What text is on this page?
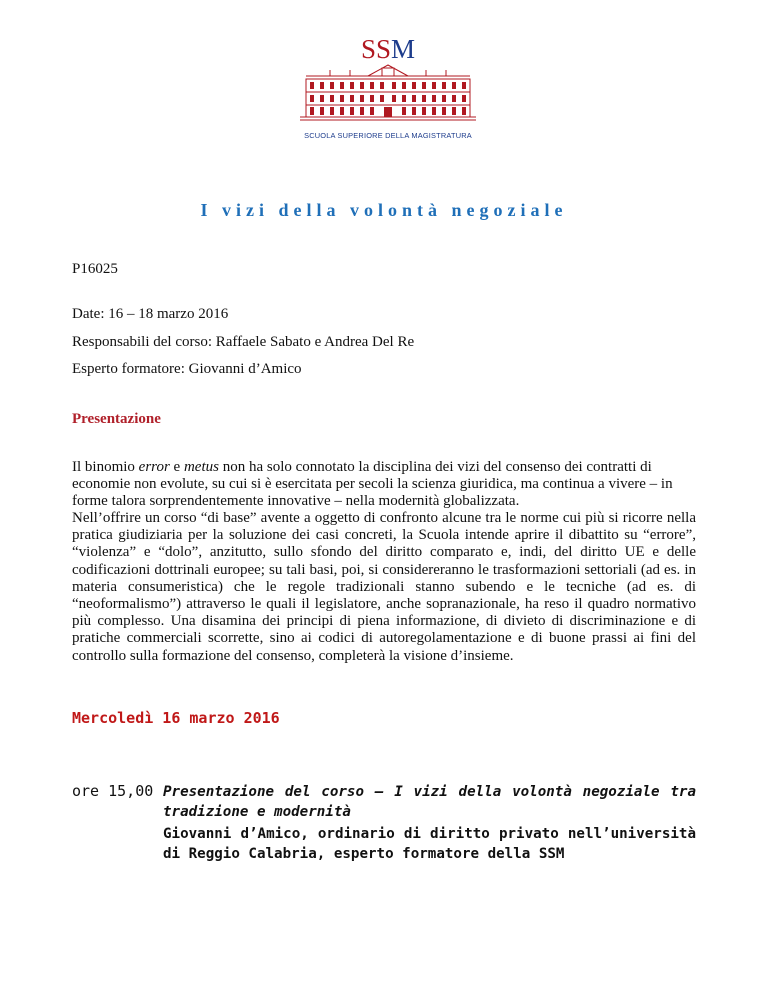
SSM
SCUOLA SUPERIORE DELLA MAGISTRATURA
I vizi della volontà negoziale
P16025
Date: 16 – 18 marzo 2016
Responsabili del corso: Raffaele Sabato e Andrea Del Re
Esperto formatore: Giovanni d’Amico
Presentazione
Il binomio error e metus non ha solo connotato la disciplina dei vizi del consenso dei contratti di
economie non evolute, su cui si è esercitata per secoli la scienza giuridica, ma continua a vivere – in
forme talora sorprendentemente innovative – nella modernità globalizzata.
Nell’offrire un corso “di base” avente a oggetto di confronto alcune tra le norme cui più si ricorre nella pratica giudiziaria per la soluzione dei casi concreti, la Scuola intende aprire il dibattito su “errore”, “violenza” e “dolo”, anzitutto, sullo sfondo del diritto comparato e, indi, del diritto UE e delle codificazioni dottrinali europee; su tali basi, poi, si considereranno le trasformazioni settoriali (ad es. in materia consumeristica) che le regole tradizionali stanno subendo e le tecniche (ad es. di “neoformalismo”) attraverso le quali il legislatore, anche sopranazionale, ha reso il quadro normativo più complesso. Una disamina dei principi di piena informazione, di divieto di discriminazione e di pratiche commerciali scorrette, sino ai codici di autoregolamentazione e di buone prassi ai fini del controllo sulla formazione del consenso, completerà la visione d’insieme.
Mercoledì 16 marzo 2016
ore 15,00 Presentazione del corso – I vizi della volontà negoziale tra tradizione e modernità
Giovanni d’Amico, ordinario di diritto privato nell’università di Reggio Calabria, esperto formatore della SSM
